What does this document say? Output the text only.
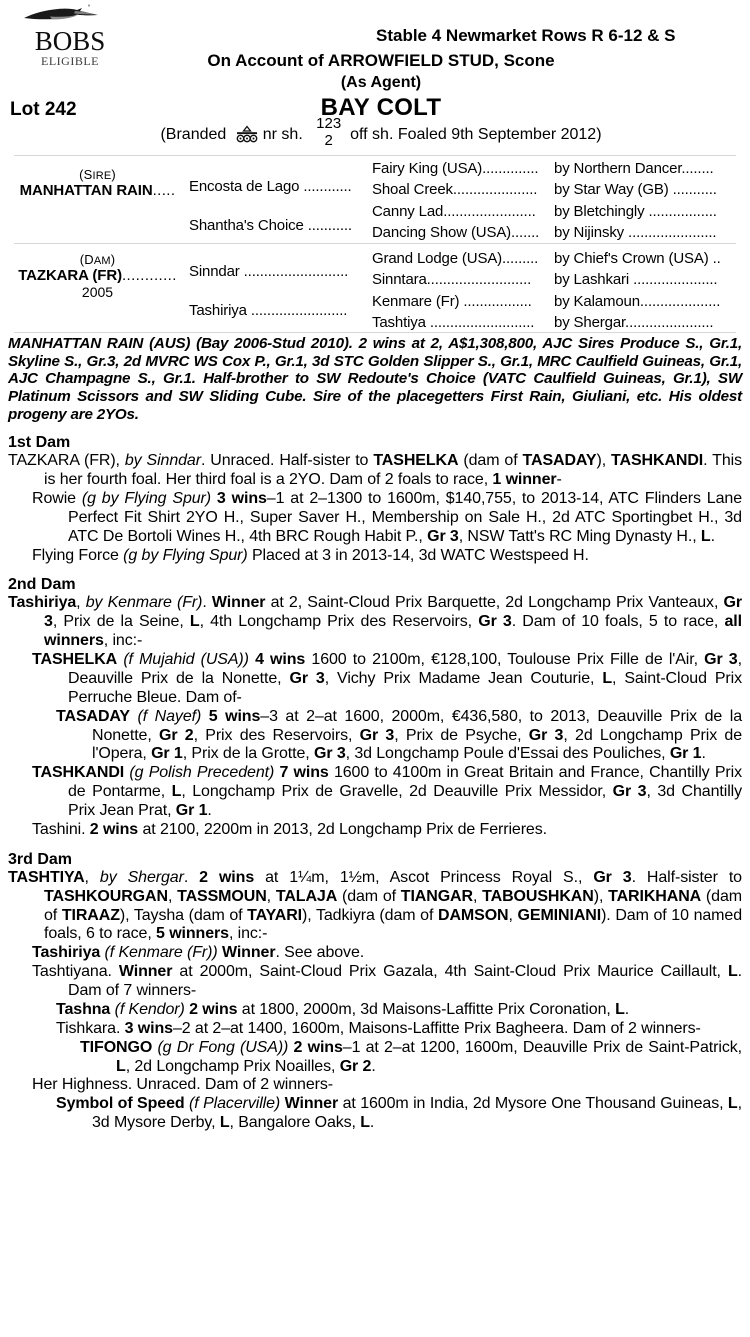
BOBS
ELIGIBLE
Stable 4 Newmarket Rows R 6-12 & S
On Account of ARROWFIELD STUD, Scone
(As Agent)
Lot 242	BAY COLT
(Branded
nr sh.

123
2
	off sh. Foaled 9th September 2012)
(SIRE)
MANHATTAN RAIN.....
(DAM)
TAZKARA (FR)............
2005
Encosta de Lago ............
Shantha's Choice ...........
Sinndar ..........................
Tashiriya ........................
Fairy King (USA)..............
Shoal Creek.....................
Canny Lad.......................
Dancing Show (USA).......
Grand Lodge (USA).........
Sinntara..........................
Kenmare (Fr) .................
Tashtiya ..........................
by Northern Dancer........
by Star Way (GB) ...........
by Bletchingly .................
by Nijinsky ......................
by Chief's Crown (USA) ..
by Lashkari .....................
by Kalamoun....................
by Shergar......................
MANHATTAN RAIN (AUS) (Bay 2006-Stud 2010). 2 wins at 2, A$1,308,800, AJC Sires Produce S., Gr.1, Skyline S., Gr.3, 2d MVRC WS Cox P., Gr.1, 3d STC Golden Slipper S., Gr.1, MRC Caulfield Guineas, Gr.1, AJC Champagne S., Gr.1. Half-brother to SW Redoute's Choice (VATC Caulfield Guineas, Gr.1), SW Platinum Scissors and SW Sliding Cube. Sire of the placegetters First Rain, Giuliani, etc. His oldest progeny are 2YOs.
1st Dam
TAZKARA (FR), by Sinndar. Unraced. Half-sister to TASHELKA (dam of TASADAY), TASHKANDI. This is her fourth foal. Her third foal is a 2YO. Dam of 2 foals to race, 1 winner-
Rowie (g by Flying Spur) 3 wins–1 at 2–1300 to 1600m, $140,755, to 2013-14, ATC Flinders Lane Perfect Fit Shirt 2YO H., Super Saver H., Membership on Sale H., 2d ATC Sportingbet H., 3d ATC De Bortoli Wines H., 4th BRC Rough Habit P., Gr 3, NSW Tatt's RC Ming Dynasty H., L.
Flying Force (g by Flying Spur) Placed at 3 in 2013-14, 3d WATC Westspeed H.
2nd Dam
Tashiriya, by Kenmare (Fr). Winner at 2, Saint-Cloud Prix Barquette, 2d Longchamp Prix Vanteaux, Gr 3, Prix de la Seine, L, 4th Longchamp Prix des Reservoirs, Gr 3. Dam of 10 foals, 5 to race, all winners, inc:-
TASHELKA (f Mujahid (USA)) 4 wins 1600 to 2100m, €128,100, Toulouse Prix Fille de l'Air, Gr 3, Deauville Prix de la Nonette, Gr 3, Vichy Prix Madame Jean Couturie, L, Saint-Cloud Prix Perruche Bleue. Dam of-
TASADAY (f Nayef) 5 wins–3 at 2–at 1600, 2000m, €436,580, to 2013, Deauville Prix de la Nonette, Gr 2, Prix des Reservoirs, Gr 3, Prix de Psyche, Gr 3, 2d Longchamp Prix de l'Opera, Gr 1, Prix de la Grotte, Gr 3, 3d Longchamp Poule d'Essai des Pouliches, Gr 1.
TASHKANDI (g Polish Precedent) 7 wins 1600 to 4100m in Great Britain and France, Chantilly Prix de Pontarme, L, Longchamp Prix de Gravelle, 2d Deauville Prix Messidor, Gr 3, 3d Chantilly Prix Jean Prat, Gr 1.
Tashini. 2 wins at 2100, 2200m in 2013, 2d Longchamp Prix de Ferrieres.
3rd Dam
TASHTIYA, by Shergar. 2 wins at 1¼m, 1½m, Ascot Princess Royal S., Gr 3. Half-sister to TASHKOURGAN, TASSMOUN, TALAJA (dam of TIANGAR, TABOUSHKAN), TARIKHANA (dam of TIRAAZ), Taysha (dam of TAYARI), Tadkiyra (dam of DAMSON, GEMINIANI). Dam of 10 named foals, 6 to race, 5 winners, inc:-
Tashiriya (f Kenmare (Fr)) Winner. See above.
Tashtiyana. Winner at 2000m, Saint-Cloud Prix Gazala, 4th Saint-Cloud Prix Maurice Caillault, L. Dam of 7 winners-
Tashna (f Kendor) 2 wins at 1800, 2000m, 3d Maisons-Laffitte Prix Coronation, L.
Tishkara. 3 wins–2 at 2–at 1400, 1600m, Maisons-Laffitte Prix Bagheera. Dam of 2 winners-
TIFONGO (g Dr Fong (USA)) 2 wins–1 at 2–at 1200, 1600m, Deauville Prix de Saint-Patrick, L, 2d Longchamp Prix Noailles, Gr 2.
Her Highness. Unraced. Dam of 2 winners-
Symbol of Speed (f Placerville) Winner at 1600m in India, 2d Mysore One Thousand Guineas, L, 3d Mysore Derby, L, Bangalore Oaks, L.
